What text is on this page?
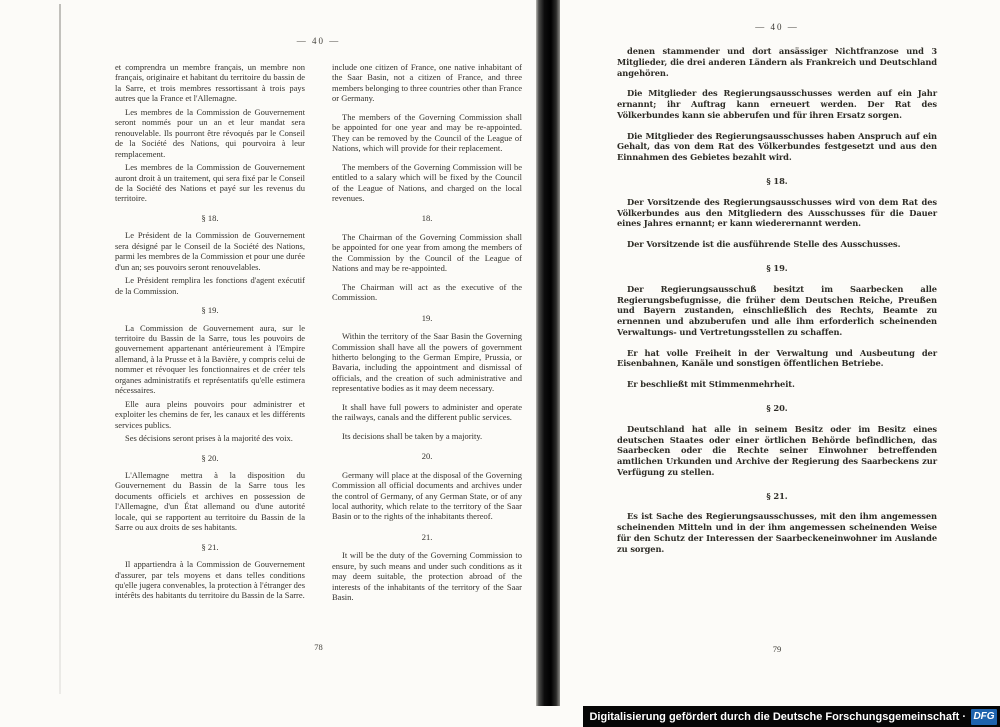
— 40 —
et comprendra un membre français, un membre non français, originaire et habitant du territoire du bassin de la Sarre, et trois membres ressortissant à trois pays autres que la France et l'Allemagne.
Les membres de la Commission de Gouvernement seront nommés pour un an et leur mandat sera renouvelable. Ils pourront être révoqués par le Conseil de la Société des Nations, qui pourvoira à leur remplacement.
Les membres de la Commission de Gouvernement auront droit à un traitement, qui sera fixé par le Conseil de la Société des Nations et payé sur les revenus du territoire.
§ 18.
Le Président de la Commission de Gouvernement sera désigné par le Conseil de la Société des Nations, parmi les membres de la Commission et pour une durée d'un an; ses pouvoirs seront renouvelables.
Le Président remplira les fonctions d'agent exécutif de la Commission.
§ 19.
La Commission de Gouvernement aura, sur le territoire du Bassin de la Sarre, tous les pouvoirs de gouvernement appartenant antérieurement à l'Empire allemand, à la Prusse et à la Bavière, y compris celui de nommer et révoquer les fonctionnaires et de créer tels organes administratifs et représentatifs qu'elle estimera nécessaires.
Elle aura pleins pouvoirs pour administrer et exploiter les chemins de fer, les canaux et les différents services publics.
Ses décisions seront prises à la majorité des voix.
§ 20.
L'Allemagne mettra à la disposition du Gouvernement du Bassin de la Sarre tous les documents officiels et archives en possession de l'Allemagne, d'un État allemand ou d'une autorité locale, qui se rapportent au territoire du Bassin de la Sarre ou aux droits de ses habitants.
§ 21.
Il appartiendra à la Commission de Gouvernement d'assurer, par tels moyens et dans telles conditions qu'elle jugera convenables, la protection à l'étranger des intérêts des habitants du territoire du Bassin de la Sarre.
include one citizen of France, one native inhabitant of the Saar Basin, not a citizen of France, and three members belonging to three countries other than France or Germany.
The members of the Governing Commission shall be appointed for one year and may be re-appointed. They can be removed by the Council of the League of Nations, which will provide for their replacement.
The members of the Governing Commission will be entitled to a salary which will be fixed by the Council of the League of Nations, and charged on the local revenues.
18.
The Chairman of the Governing Commission shall be appointed for one year from among the members of the Commission by the Council of the League of Nations and may be re-appointed.
The Chairman will act as the executive of the Commission.
19.
Within the territory of the Saar Basin the Governing Commission shall have all the powers of government hitherto belonging to the German Empire, Prussia, or Bavaria, including the appointment and dismissal of officials, and the creation of such administrative and representative bodies as it may deem necessary.
It shall have full powers to administer and operate the railways, canals and the different public services.
Its decisions shall be taken by a majority.
20.
Germany will place at the disposal of the Governing Commission all official documents and archives under the control of Germany, of any German State, or of any local authority, which relate to the territory of the Saar Basin or to the rights of the inhabitants thereof.
21.
It will be the duty of the Governing Commission to ensure, by such means and under such conditions as it may deem suitable, the protection abroad of the interests of the inhabitants of the territory of the Saar Basin.
78
— 40 —
denen stammender und dort ansässiger Nichtfranzose und 3 Mitglieder, die drei anderen Ländern als Frankreich und Deutschland angehören.
Die Mitglieder des Regierungsausschusses werden auf ein Jahr ernannt; ihr Auftrag kann erneuert werden. Der Rat des Völkerbundes kann sie abberufen und für ihren Ersatz sorgen.
Die Mitglieder des Regierungsausschusses haben Anspruch auf ein Gehalt, das von dem Rat des Völkerbundes festgesetzt und aus den Einnahmen des Gebietes bezahlt wird.
§ 18.
Der Vorsitzende des Regierungsausschusses wird von dem Rat des Völkerbundes aus den Mitgliedern des Ausschusses für die Dauer eines Jahres ernannt; er kann wiederernannt werden.
Der Vorsitzende ist die ausführende Stelle des Ausschusses.
§ 19.
Der Regierungsausschuß besitzt im Saarbecken alle Regierungsbefugnisse, die früher dem Deutschen Reiche, Preußen und Bayern zustanden, einschließlich des Rechts, Beamte zu ernennen und abzuberufen und alle ihm erforderlich scheinenden Verwaltungs- und Vertretungsstellen zu schaffen.
Er hat volle Freiheit in der Verwaltung und Ausbeutung der Eisenbahnen, Kanäle und sonstigen öffentlichen Betriebe.
Er beschließt mit Stimmenmehrheit.
§ 20.
Deutschland hat alle in seinem Besitz oder im Besitz eines deutschen Staates oder einer örtlichen Behörde befindlichen, das Saarbecken oder die Rechte seiner Einwohner betreffenden amtlichen Urkunden und Archive der Regierung des Saarbeckens zur Verfügung zu stellen.
§ 21.
Es ist Sache des Regierungsausschusses, mit den ihm angemessen scheinenden Mitteln und in der ihm angemessen scheinenden Weise für den Schutz der Interessen der Saarbeckeneinwohner im Auslande zu sorgen.
79
Digitalisierung gefördert durch die Deutsche Forschungsgemeinschaft · DFG
